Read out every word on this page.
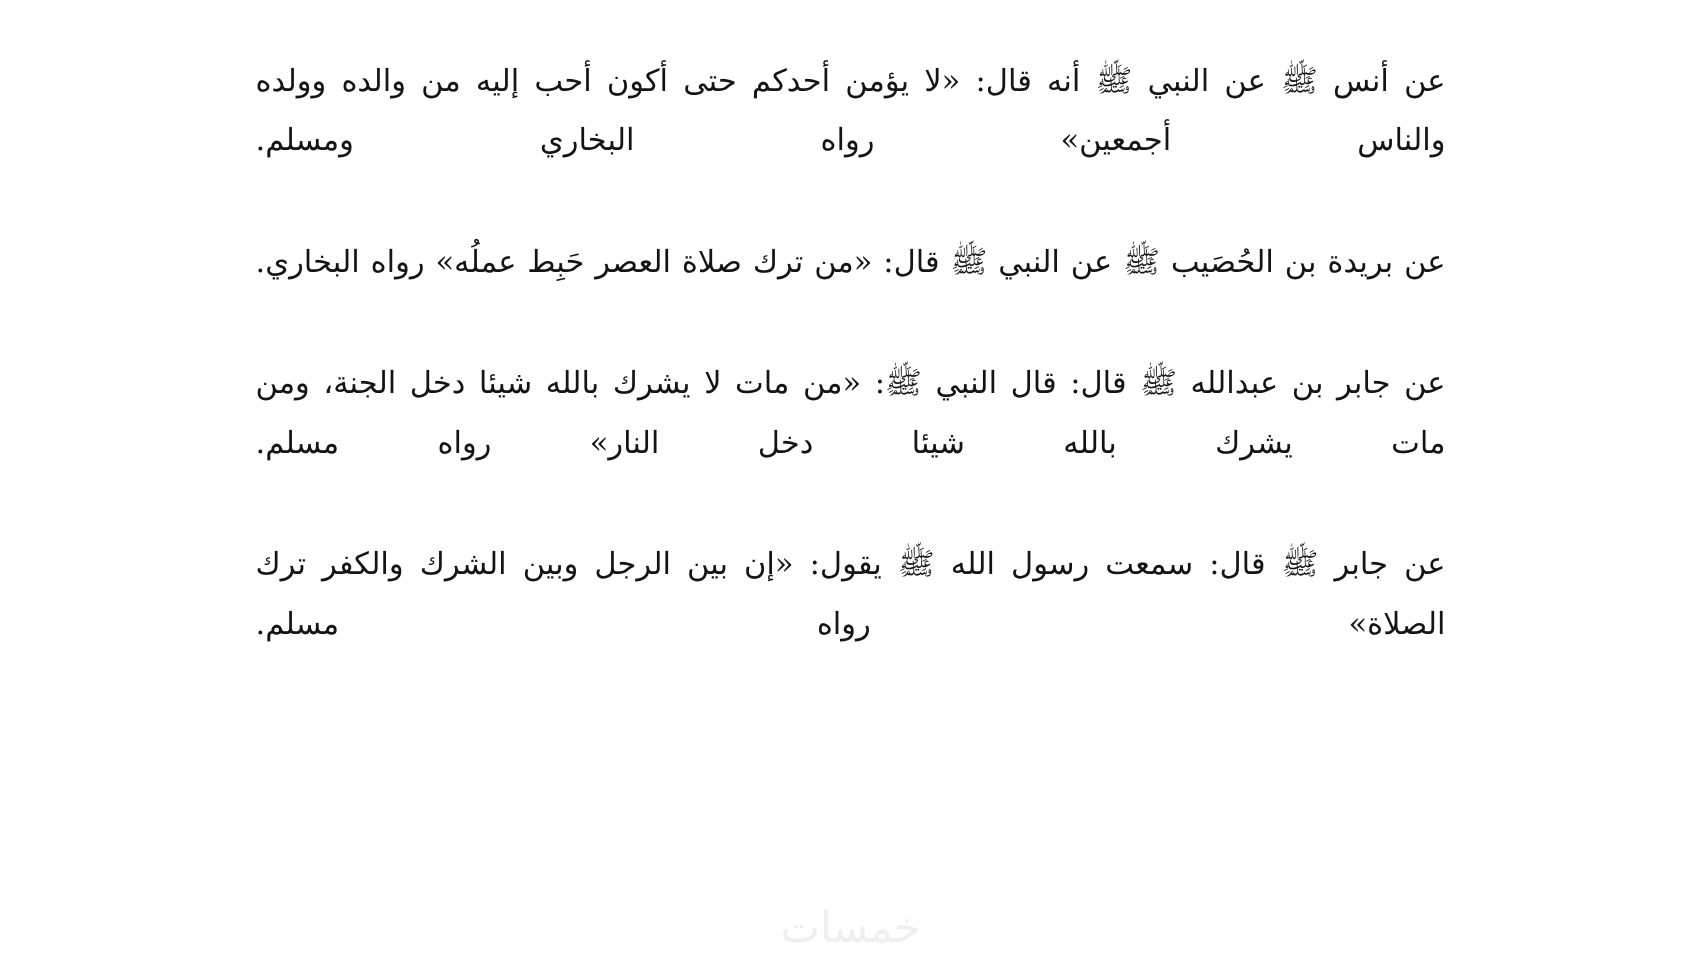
عن أنس ﷺ عن النبي ﷺ أنه قال: «لا يؤمن أحدكم حتى أكون أحب إليه من والده وولده والناس أجمعين» رواه البخاري ومسلم.

عن بريدة بن الحُصَيب ﷺ عن النبي ﷺ قال: «من ترك صلاة العصر حَبِط عملُه» رواه البخاري.

عن جابر بن عبدالله ﷺ قال: قال النبي ﷺ: «من مات لا يشرك بالله شيئا دخل الجنة، ومن مات يشرك بالله شيئا دخل النار» رواه مسلم.

عن جابر ﷺ قال: سمعت رسول الله ﷺ يقول: «إن بين الرجل وبين الشرك والكفر ترك الصلاة» رواه مسلم.

خمسات
